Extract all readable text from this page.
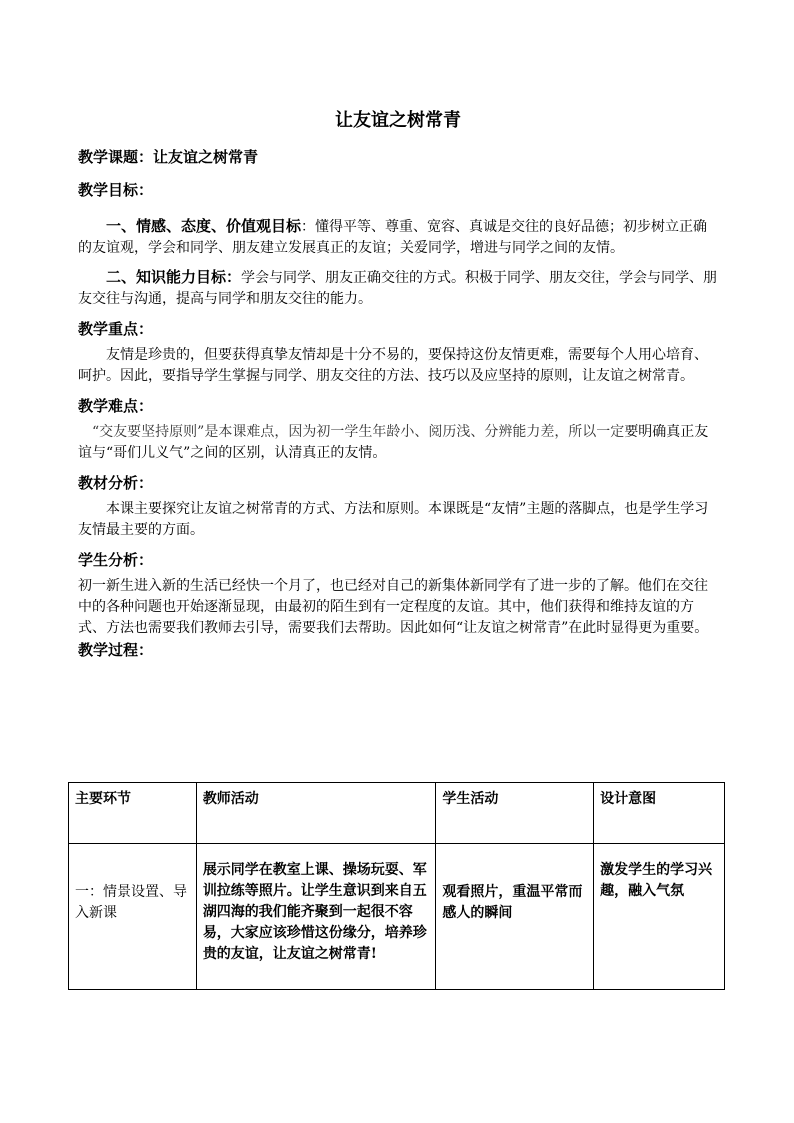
让友谊之树常青

教学课题：让友谊之树常青

教学目标：

一、情感、态度、价值观目标：懂得平等、尊重、宽容、真诚是交往的良好品德；初步树立正确的友谊观，学会和同学、朋友建立发展真正的友谊；关爱同学，增进与同学之间的友情。

二、知识能力目标：学会与同学、朋友正确交往的方式。积极于同学、朋友交往，学会与同学、朋友交往与沟通，提高与同学和朋友交往的能力。

教学重点：

友情是珍贵的，但要获得真挚友情却是十分不易的，要保持这份友情更难，需要每个人用心培育、呵护。因此，要指导学生掌握与同学、朋友交往的方法、技巧以及应坚持的原则，让友谊之树常青。

教学难点：

“交友要坚持原则”是本课难点，因为初一学生年龄小、阅历浅、分辨能力差，所以一定要明确真正友谊与“哥们儿义气”之间的区别，认清真正的友情。

教材分析：

本课主要探究让友谊之树常青的方式、方法和原则。本课既是“友情”主题的落脚点，也是学生学习友情最主要的方面。

学生分析：

初一新生进入新的生活已经快一个月了，也已经对自己的新集体新同学有了进一步的了解。他们在交往中的各种问题也开始逐渐显现，由最初的陌生到有一定程度的友谊。其中，他们获得和维持友谊的方式、方法也需要我们教师去引导，需要我们去帮助。因此如何“让友谊之树常青”在此时显得更为重要。

教学过程：

主要环节	教师活动	学生活动	设计意图
一：情景设置、导入新课	展示同学在教室上课、操场玩耍、军训拉练等照片。让学生意识到来自五湖四海的我们能齐聚到一起很不容易，大家应该珍惜这份缘分，培养珍贵的友谊，让友谊之树常青!	观看照片，重温平常而感人的瞬间	激发学生的学习兴趣，融入气氛
